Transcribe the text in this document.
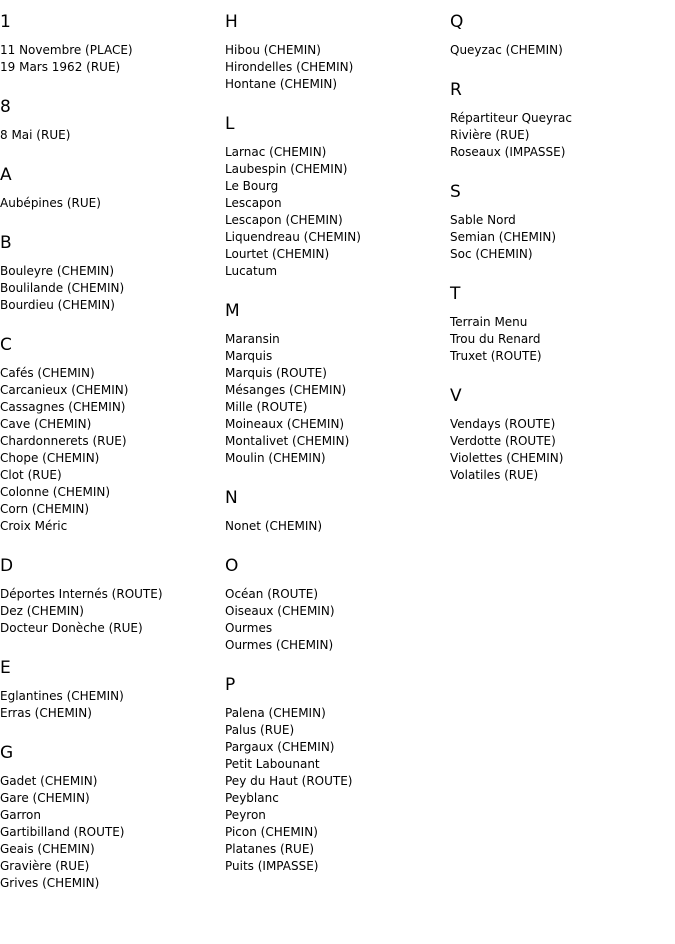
1
11 Novembre (PLACE)
19 Mars 1962 (RUE)
8
8 Mai (RUE)
A
Aubépines (RUE)
B
Bouleyre (CHEMIN)
Boulilande (CHEMIN)
Bourdieu (CHEMIN)
C
Cafés (CHEMIN)
Carcanieux (CHEMIN)
Cassagnes (CHEMIN)
Cave (CHEMIN)
Chardonnerets (RUE)
Chope (CHEMIN)
Clot (RUE)
Colonne (CHEMIN)
Corn (CHEMIN)
Croix Méric
D
Déportes Internés (ROUTE)
Dez (CHEMIN)
Docteur Donèche (RUE)
E
Eglantines (CHEMIN)
Erras (CHEMIN)
G
Gadet (CHEMIN)
Gare (CHEMIN)
Garron
Gartibilland (ROUTE)
Geais (CHEMIN)
Gravière (RUE)
Grives (CHEMIN)
H
Hibou (CHEMIN)
Hirondelles (CHEMIN)
Hontane (CHEMIN)
L
Larnac (CHEMIN)
Laubespin (CHEMIN)
Le Bourg
Lescapon
Lescapon (CHEMIN)
Liquendreau (CHEMIN)
Lourtet (CHEMIN)
Lucatum
M
Maransin
Marquis
Marquis (ROUTE)
Mésanges (CHEMIN)
Mille (ROUTE)
Moineaux (CHEMIN)
Montalivet (CHEMIN)
Moulin (CHEMIN)
N
Nonet (CHEMIN)
O
Océan (ROUTE)
Oiseaux (CHEMIN)
Ourmes
Ourmes (CHEMIN)
P
Palena (CHEMIN)
Palus (RUE)
Pargaux (CHEMIN)
Petit Labounant
Pey du Haut (ROUTE)
Peyblanc
Peyron
Picon (CHEMIN)
Platanes (RUE)
Puits (IMPASSE)
Q
Queyzac (CHEMIN)
R
Répartiteur Queyrac
Rivière (RUE)
Roseaux (IMPASSE)
S
Sable Nord
Semian (CHEMIN)
Soc (CHEMIN)
T
Terrain Menu
Trou du Renard
Truxet (ROUTE)
V
Vendays (ROUTE)
Verdotte (ROUTE)
Violettes (CHEMIN)
Volatiles (RUE)
